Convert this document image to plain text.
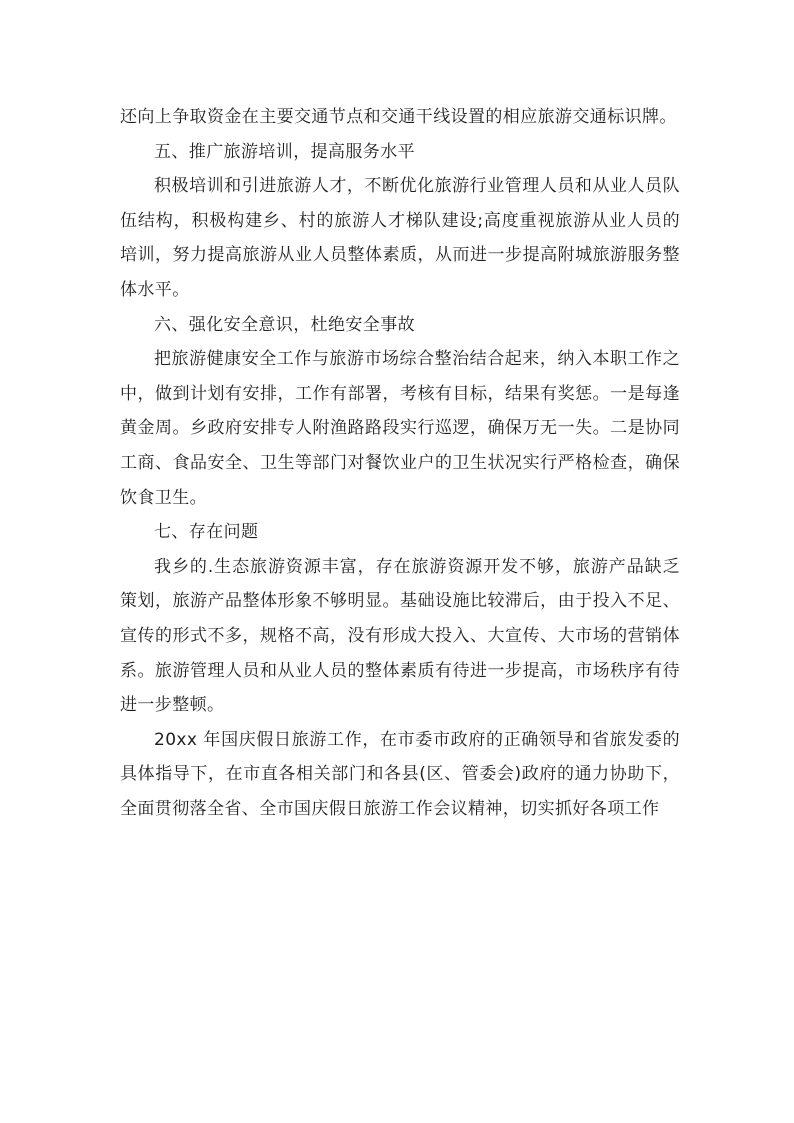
还向上争取资金在主要交通节点和交通干线设置的相应旅游交通标识牌。

五、推广旅游培训，提高服务水平

积极培训和引进旅游人才，不断优化旅游行业管理人员和从业人员队伍结构，积极构建乡、村的旅游人才梯队建设;高度重视旅游从业人员的培训，努力提高旅游从业人员整体素质，从而进一步提高附城旅游服务整体水平。

六、强化安全意识，杜绝安全事故

把旅游健康安全工作与旅游市场综合整治结合起来，纳入本职工作之中，做到计划有安排，工作有部署，考核有目标，结果有奖惩。一是每逢黄金周。乡政府安排专人附渔路路段实行巡逻，确保万无一失。二是协同工商、食品安全、卫生等部门对餐饮业户的卫生状况实行严格检查，确保饮食卫生。

七、存在问题

我乡的.生态旅游资源丰富，存在旅游资源开发不够，旅游产品缺乏策划，旅游产品整体形象不够明显。基础设施比较滞后，由于投入不足、宣传的形式不多，规格不高，没有形成大投入、大宣传、大市场的营销体系。旅游管理人员和从业人员的整体素质有待进一步提高，市场秩序有待进一步整顿。

20xx 年国庆假日旅游工作，在市委市政府的正确领导和省旅发委的具体指导下，在市直各相关部门和各县(区、管委会)政府的通力协助下，全面贯彻落全省、全市国庆假日旅游工作会议精神，切实抓好各项工作
